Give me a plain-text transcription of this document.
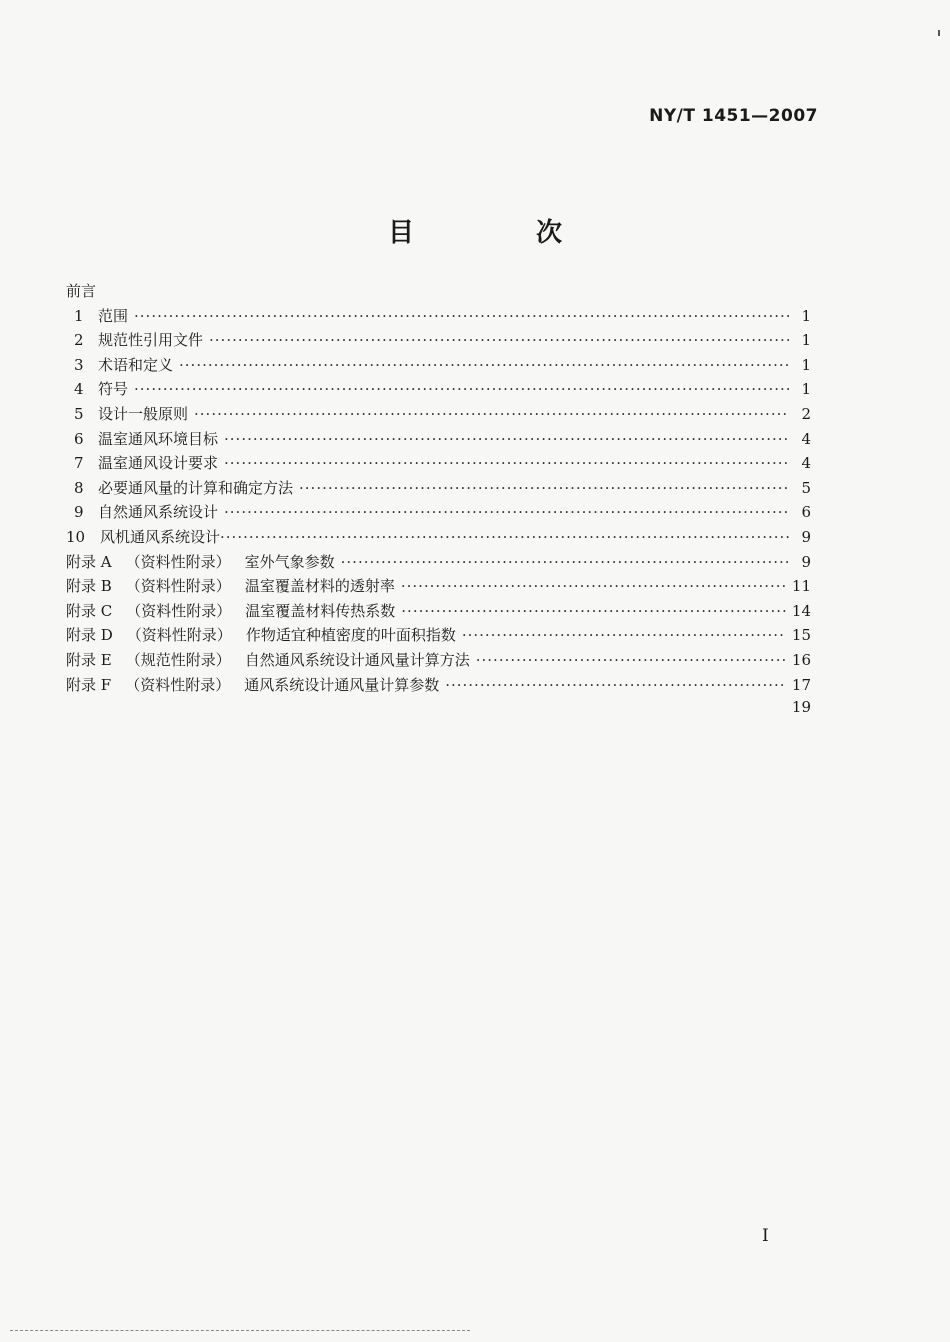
NY/T 1451—2007
目　次
前言
1 范围 ·····	1
2 规范性引用文件 ·····	1
3 术语和定义 ·····	1
4 符号 ·····	1
5 设计一般原则 ·····	2
6 温室通风环境目标 ·····	4
7 温室通风设计要求 ·····	4
8 必要通风量的计算和确定方法 ·····	5
9 自然通风系统设计 ·····	6
10 风机通风系统设计 ·····	9
附录 A （资料性附录） 室外气象参数 ·····	9
附录 B （资料性附录） 温室覆盖材料的透射率 ·····	11
附录 C （资料性附录） 温室覆盖材料传热系数 ·····	14
附录 D （资料性附录） 作物适宜种植密度的叶面积指数 ·····	15
附录 E （规范性附录） 自然通风系统设计通风量计算方法 ·····	16
附录 F （资料性附录） 通风系统设计通风量计算参数 ·····	17
19
I
